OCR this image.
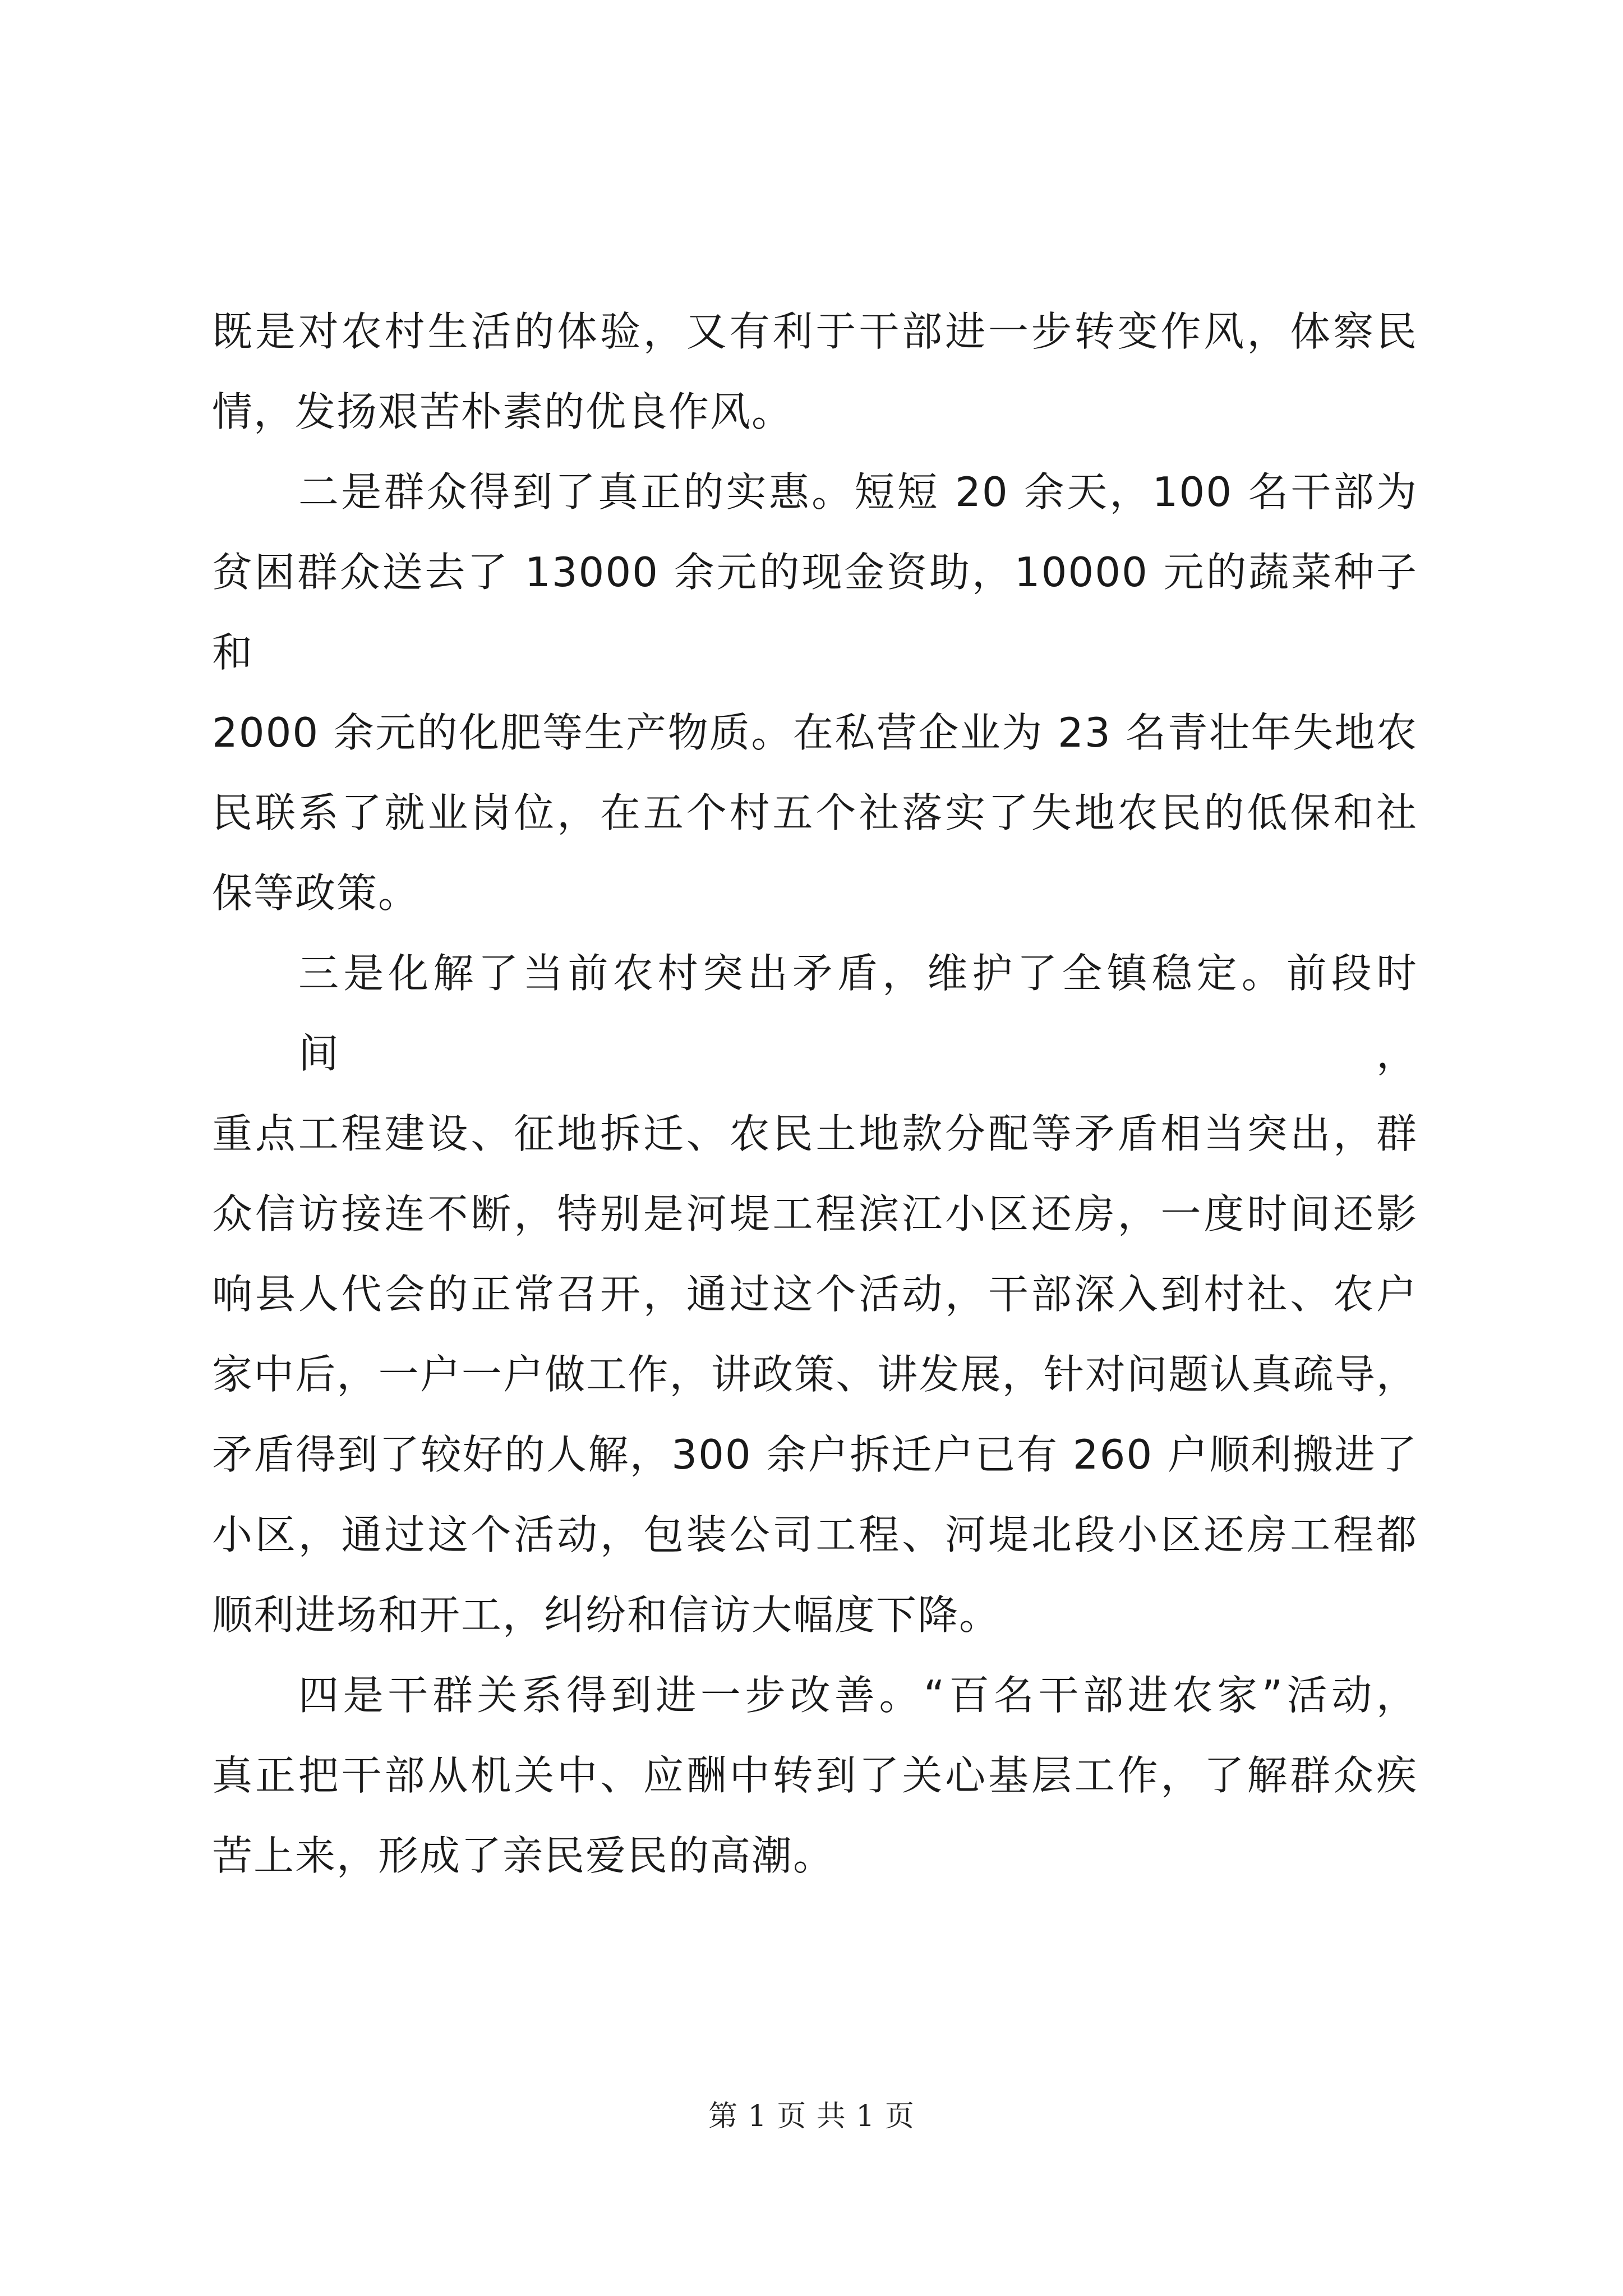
既是对农村生活的体验，又有利于干部进一步转变作风，体察民
情，发扬艰苦朴素的优良作风。

二是群众得到了真正的实惠。短短 20 余天，100 名干部为
贫困群众送去了 13000 余元的现金资助，10000 元的蔬菜种子和
2000 余元的化肥等生产物质。在私营企业为 23 名青壮年失地农
民联系了就业岗位，在五个村五个社落实了失地农民的低保和社
保等政策。

三是化解了当前农村突出矛盾，维护了全镇稳定。前段时间，
重点工程建设、征地拆迁、农民土地款分配等矛盾相当突出，群
众信访接连不断，特别是河堤工程滨江小区还房，一度时间还影
响县人代会的正常召开，通过这个活动，干部深入到村社、农户
家中后，一户一户做工作，讲政策、讲发展，针对问题认真疏导，
矛盾得到了较好的人解，300 余户拆迁户已有 260 户顺利搬进了
小区，通过这个活动，包装公司工程、河堤北段小区还房工程都
顺利进场和开工，纠纷和信访大幅度下降。

四是干群关系得到进一步改善。“百名干部进农家”活动，
真正把干部从机关中、应酬中转到了关心基层工作，了解群众疾
苦上来，形成了亲民爱民的高潮。

第 1 页 共 1 页
